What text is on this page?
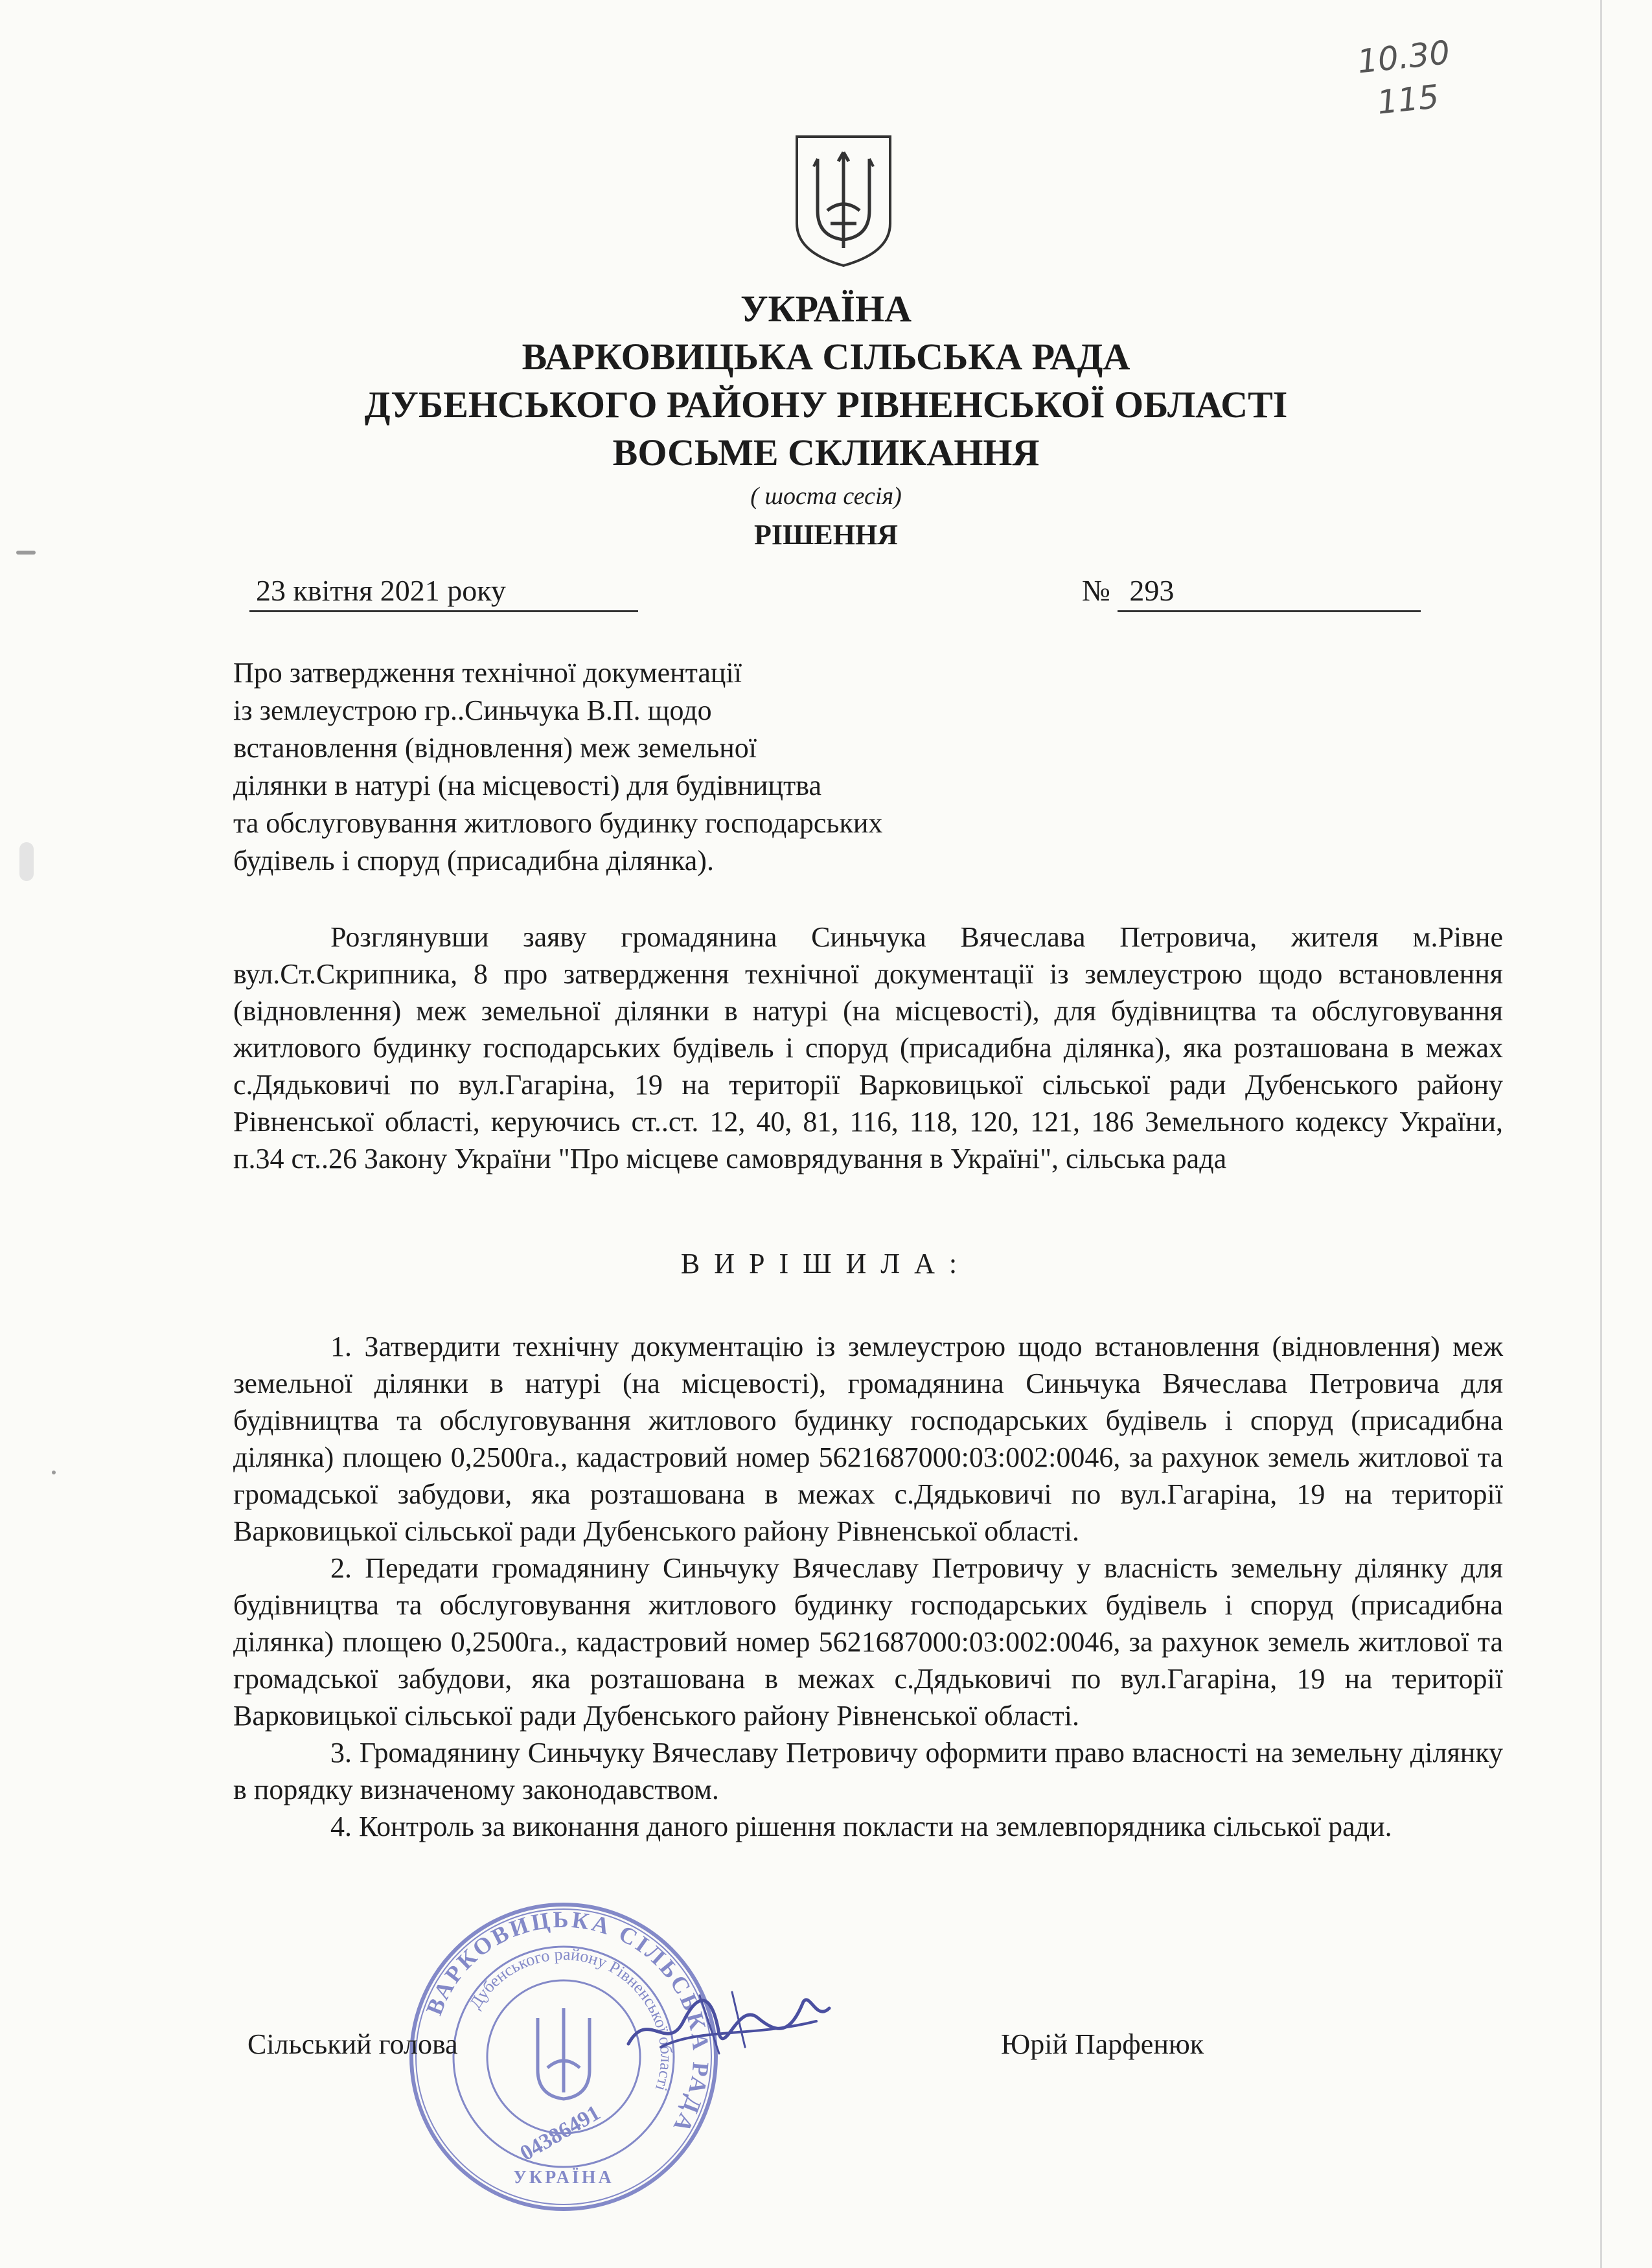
10.30
115
УКРАЇНА
ВАРКОВИЦЬКА СІЛЬСЬКА РАДА
ДУБЕНСЬКОГО РАЙОНУ РІВНЕНСЬКОЇ ОБЛАСТІ
ВОСЬМЕ СКЛИКАННЯ
( шоста сесія)
РІШЕННЯ
23 квітня 2021 року	№ 293
Про затвердження технічної документації
із землеустрою гр..Синьчука В.П. щодо
встановлення (відновлення) меж земельної
ділянки в натурі (на місцевості) для будівництва
та обслуговування житлового будинку господарських
будівель і споруд (присадибна ділянка).
Розглянувши заяву громадянина Синьчука Вячеслава Петровича, жителя м.Рівне вул.Ст.Скрипника, 8 про затвердження технічної документації із землеустрою щодо встановлення (відновлення) меж земельної ділянки в натурі (на місцевості), для будівництва та обслуговування житлового будинку господарських будівель і споруд (присадибна ділянка), яка розташована в межах с.Дядьковичі по вул.Гагаріна, 19 на території Варковицької сільської ради Дубенського району Рівненської області, керуючись ст..ст. 12, 40, 81, 116, 118, 120, 121, 186 Земельного кодексу України, п.34 ст..26 Закону України "Про місцеве самоврядування в Україні", сільська рада
ВИРІШИЛА:

1. Затвердити технічну документацію із землеустрою щодо встановлення (відновлення) меж земельної ділянки в натурі (на місцевості), громадянина Синьчука Вячеслава Петровича для будівництва та обслуговування житлового будинку господарських будівель і споруд (присадибна ділянка) площею 0,2500га., кадастровий номер 5621687000:03:002:0046, за рахунок земель житлової та громадської забудови, яка розташована в межах с.Дядьковичі по вул.Гагаріна, 19 на території Варковицької сільської ради Дубенського району Рівненської області.

2. Передати громадянину Синьчуку Вячеславу Петровичу у власність земельну ділянку для будівництва та обслуговування житлового будинку господарських будівель і споруд (присадибна ділянка) площею 0,2500га., кадастровий номер 5621687000:03:002:0046, за рахунок земель житлової та громадської забудови, яка розташована в межах с.Дядьковичі по вул.Гагаріна, 19 на території Варковицької сільської ради Дубенського району Рівненської області.

3. Громадянину Синьчуку Вячеславу Петровичу оформити право власності на земельну ділянку в порядку визначеному законодавством.

4. Контроль за виконання даного рішення покласти на землевпорядника сільської ради.

ВАРКОВИЦЬКА СІЛЬСЬКА РАДА
Дубенського району Рівненської області
04386491
УКРАЇНА
Сільський голова	Юрій Парфенюк
